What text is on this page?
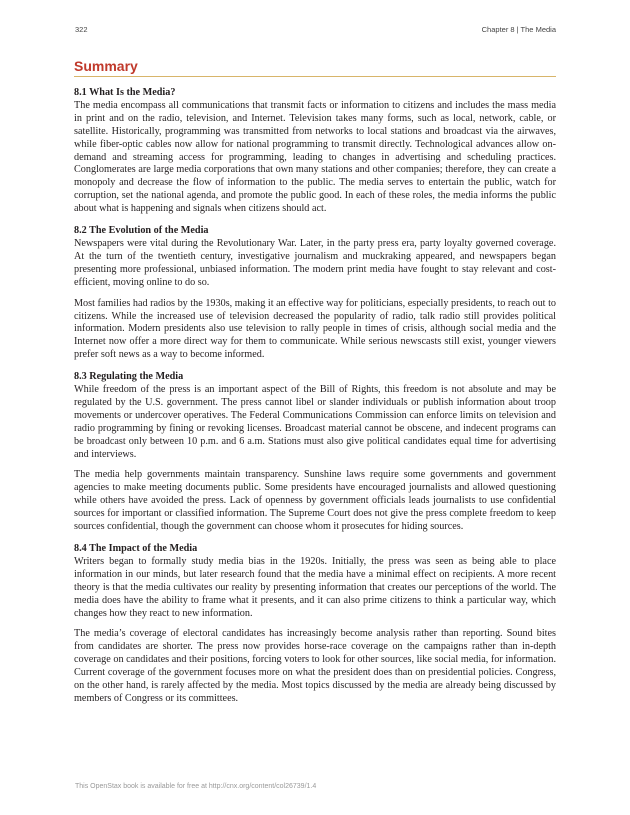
322	Chapter 8 | The Media
Summary
8.1 What Is the Media?

The media encompass all communications that transmit facts or information to citizens and includes the mass media in print and on the radio, television, and Internet. Television takes many forms, such as local, network, cable, or satellite. Historically, programming was transmitted from networks to local stations and broadcast via the airwaves, while fiber-optic cables now allow for national programming to transmit directly. Technological advances allow on-demand and streaming access for programming, leading to changes in advertising and scheduling practices. Conglomerates are large media corporations that own many stations and other companies; therefore, they can create a monopoly and decrease the flow of information to the public. The media serves to entertain the public, watch for corruption, set the national agenda, and promote the public good. In each of these roles, the media informs the public about what is happening and signals when citizens should act.

8.2 The Evolution of the Media

Newspapers were vital during the Revolutionary War. Later, in the party press era, party loyalty governed coverage. At the turn of the twentieth century, investigative journalism and muckraking appeared, and newspapers began presenting more professional, unbiased information. The modern print media have fought to stay relevant and cost-efficient, moving online to do so.

Most families had radios by the 1930s, making it an effective way for politicians, especially presidents, to reach out to citizens. While the increased use of television decreased the popularity of radio, talk radio still provides political information. Modern presidents also use television to rally people in times of crisis, although social media and the Internet now offer a more direct way for them to communicate. While serious newscasts still exist, younger viewers prefer soft news as a way to become informed.

8.3 Regulating the Media

While freedom of the press is an important aspect of the Bill of Rights, this freedom is not absolute and may be regulated by the U.S. government. The press cannot libel or slander individuals or publish information about troop movements or undercover operatives. The Federal Communications Commission can enforce limits on television and radio programming by fining or revoking licenses. Broadcast material cannot be obscene, and indecent programs can be broadcast only between 10 p.m. and 6 a.m. Stations must also give political candidates equal time for advertising and interviews.

The media help governments maintain transparency. Sunshine laws require some governments and government agencies to make meeting documents public. Some presidents have encouraged journalists and allowed questioning while others have avoided the press. Lack of openness by government officials leads journalists to use confidential sources for important or classified information. The Supreme Court does not give the press complete freedom to keep sources confidential, though the government can choose whom it prosecutes for hiding sources.

8.4 The Impact of the Media

Writers began to formally study media bias in the 1920s. Initially, the press was seen as being able to place information in our minds, but later research found that the media have a minimal effect on recipients. A more recent theory is that the media cultivates our reality by presenting information that creates our perceptions of the world. The media does have the ability to frame what it presents, and it can also prime citizens to think a particular way, which changes how they react to new information.

The media’s coverage of electoral candidates has increasingly become analysis rather than reporting. Sound bites from candidates are shorter. The press now provides horse-race coverage on the campaigns rather than in-depth coverage on candidates and their positions, forcing voters to look for other sources, like social media, for information. Current coverage of the government focuses more on what the president does than on presidential policies. Congress, on the other hand, is rarely affected by the media. Most topics discussed by the media are already being discussed by members of Congress or its committees.

This OpenStax book is available for free at http://cnx.org/content/col26739/1.4
